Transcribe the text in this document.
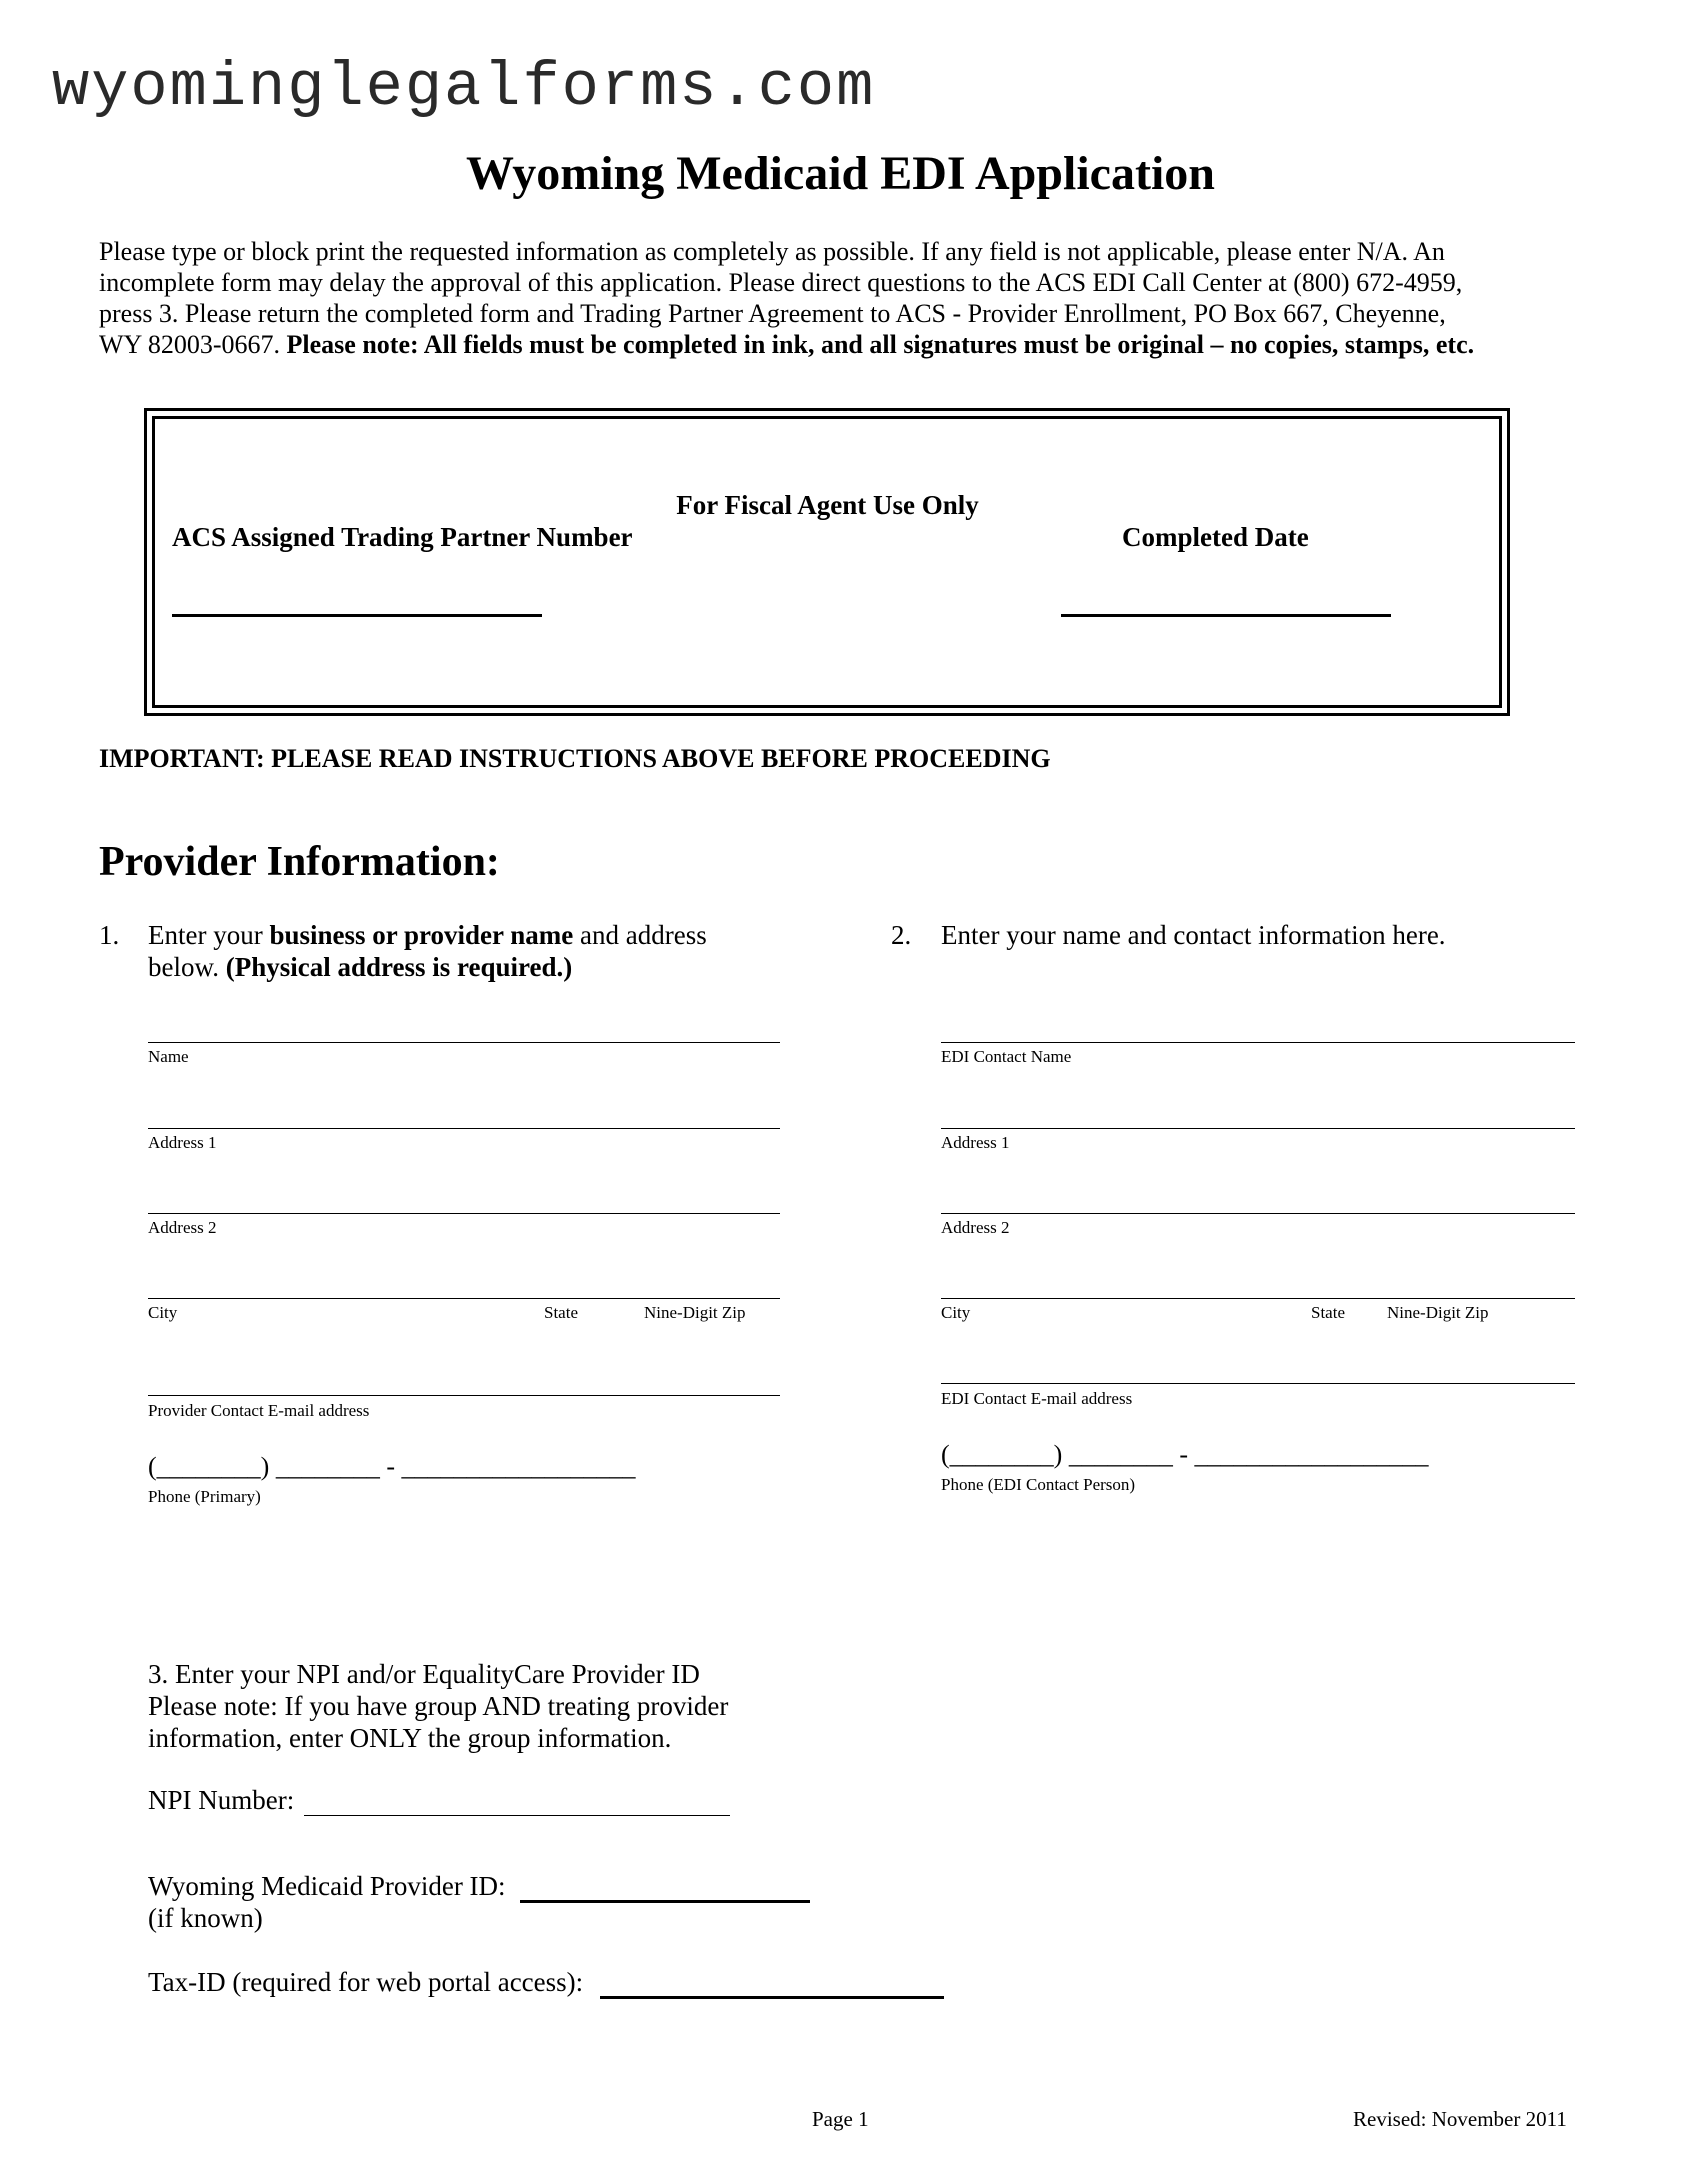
wyominglegalforms.com
Wyoming Medicaid EDI Application
Please type or block print the requested information as completely as possible. If any field is not applicable, please enter N/A. An
incomplete form may delay the approval of this application. Please direct questions to the ACS EDI Call Center at (800) 672-4959,
press 3. Please return the completed form and Trading Partner Agreement to ACS - Provider Enrollment, PO Box 667, Cheyenne,
WY 82003-0667. Please note: All fields must be completed in ink, and all signatures must be original – no copies, stamps, etc.
For Fiscal Agent Use Only
ACS Assigned Trading Partner Number	Completed Date
IMPORTANT: PLEASE READ INSTRUCTIONS ABOVE BEFORE PROCEEDING
Provider Information:
1. Enter your business or provider name and address
below. (Physical address is required.)
Name
Address 1
Address 2
City	State	Nine-Digit Zip
Provider Contact E-mail address
(________) ________ - __________________
Phone (Primary)
2. Enter your name and contact information here.
EDI Contact Name
Address 1
Address 2
City	State Nine-Digit Zip
EDI Contact E-mail address
(________) ________ - __________________
Phone (EDI Contact Person)
3. Enter your NPI and/or EqualityCare Provider ID
Please note: If you have group AND treating provider
information, enter ONLY the group information.
NPI Number:
Wyoming Medicaid Provider ID:
(if known)
Tax-ID (required for web portal access):
Page 1	Revised: November 2011
